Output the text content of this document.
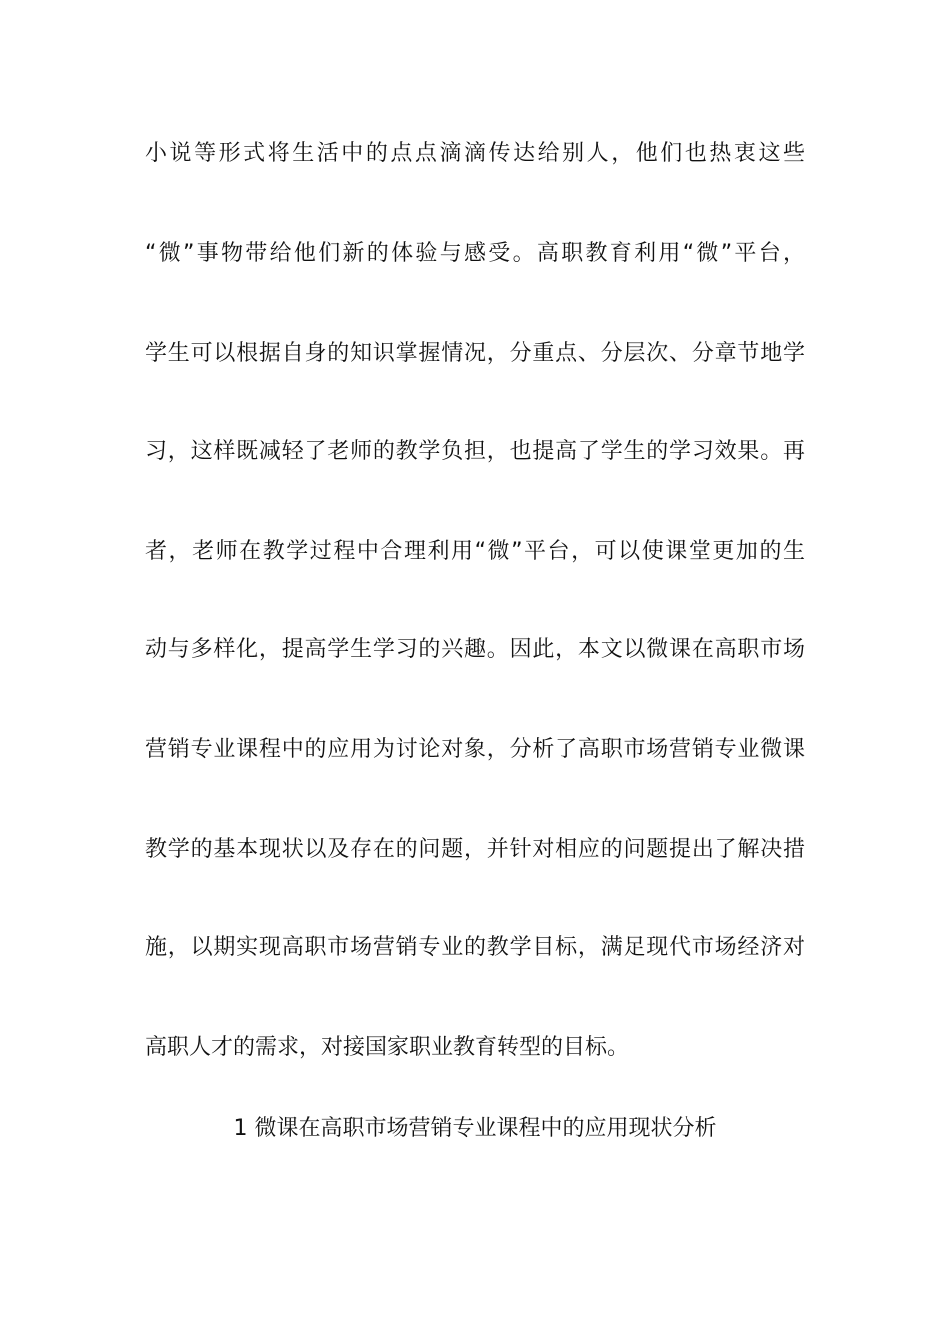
小说等形式将生活中的点点滴滴传达给别人，他们也热衷这些
“微”事物带给他们新的体验与感受。高职教育利用“微”平台，
学生可以根据自身的知识掌握情况，分重点、分层次、分章节地学
习，这样既减轻了老师的教学负担，也提高了学生的学习效果。再
者，老师在教学过程中合理利用“微”平台，可以使课堂更加的生
动与多样化，提高学生学习的兴趣。因此，本文以微课在高职市场
营销专业课程中的应用为讨论对象，分析了高职市场营销专业微课
教学的基本现状以及存在的问题，并针对相应的问题提出了解决措
施，以期实现高职市场营销专业的教学目标，满足现代市场经济对
高职人才的需求，对接国家职业教育转型的目标。
1 微课在高职市场营销专业课程中的应用现状分析
